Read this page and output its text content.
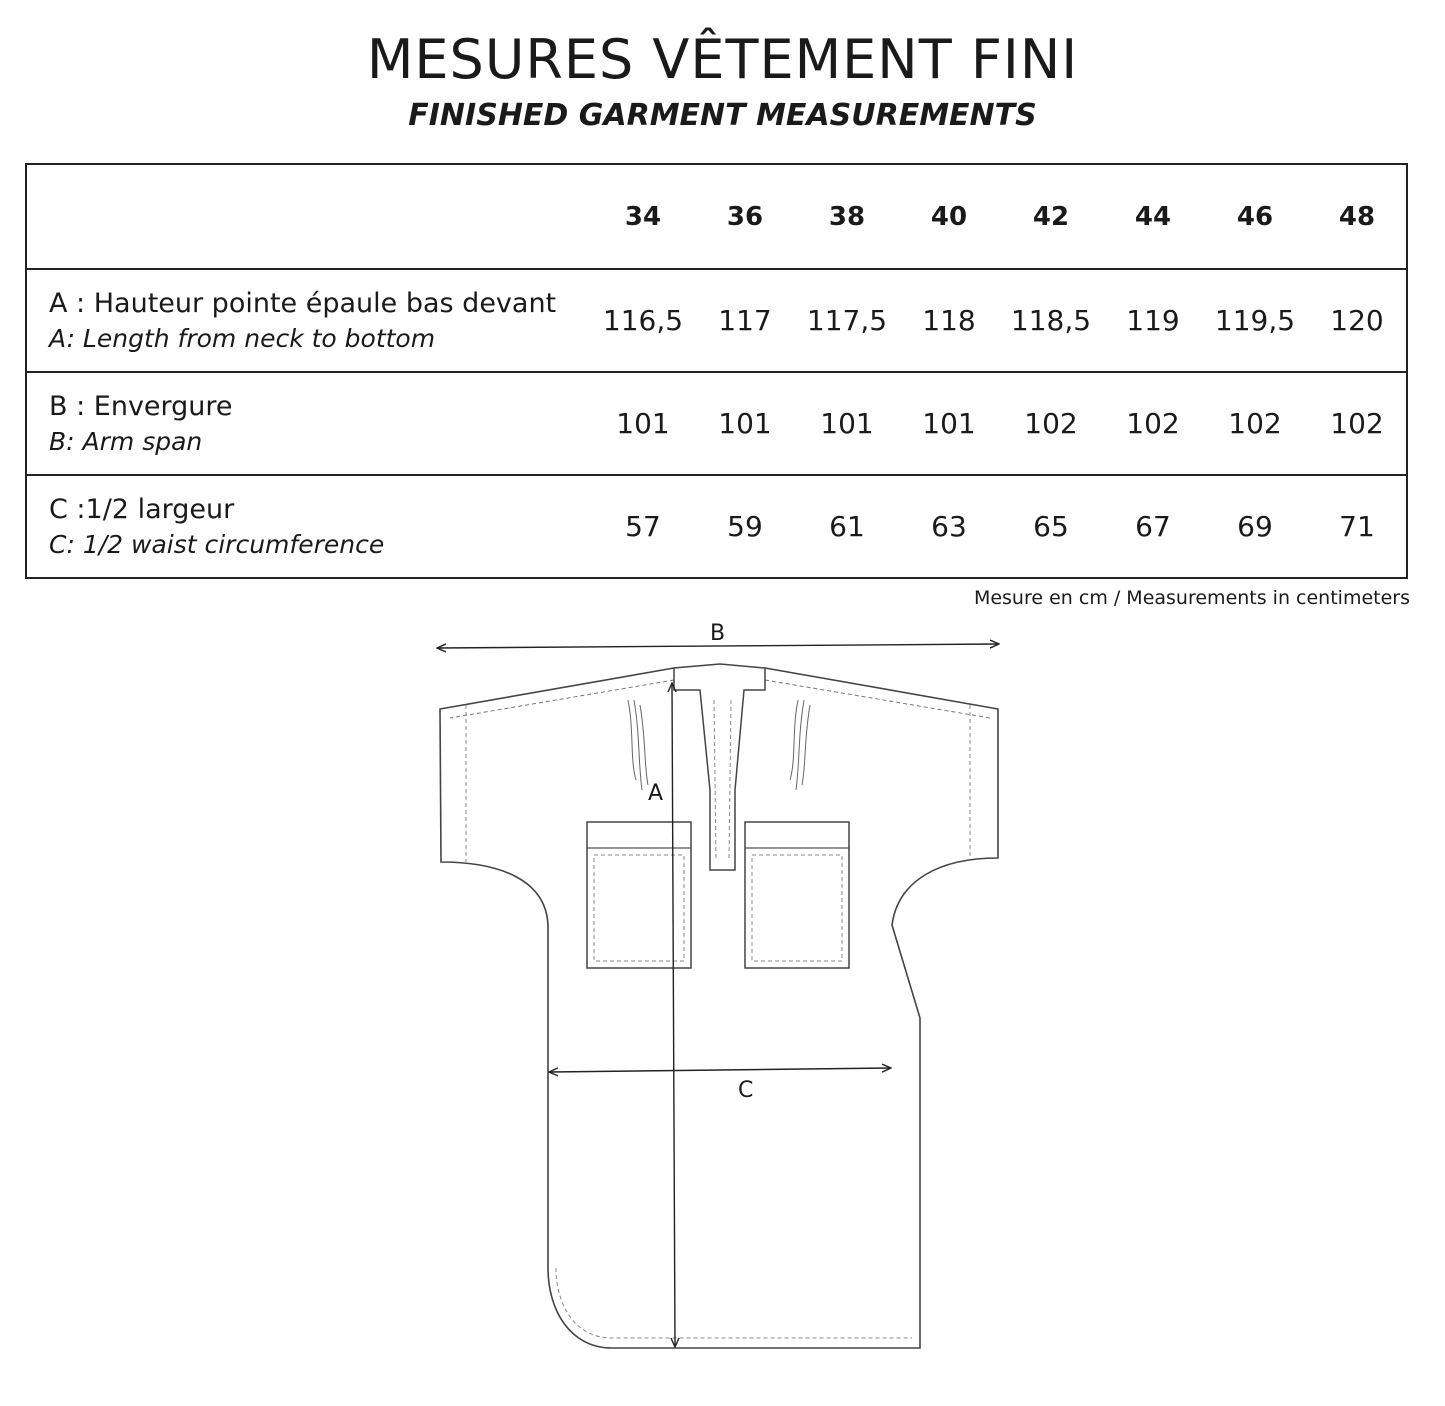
MESURES VÊTEMENT FINI
FINISHED GARMENT MEASUREMENTS
	34	36	38	40	42	44	46	48

A : Hauteur pointe épaule bas devant
A: Length from neck to bottom	116,5	117	117,5	118	118,5	119	119,5	120

B : Envergure
B: Arm span	101	101	101	101	102	102	102	102

C :1/2 largeur
C: 1/2 waist circumference	57	59	61	63	65	67	69	71

Mesure en cm / Measurements in centimeters

B
A
C
